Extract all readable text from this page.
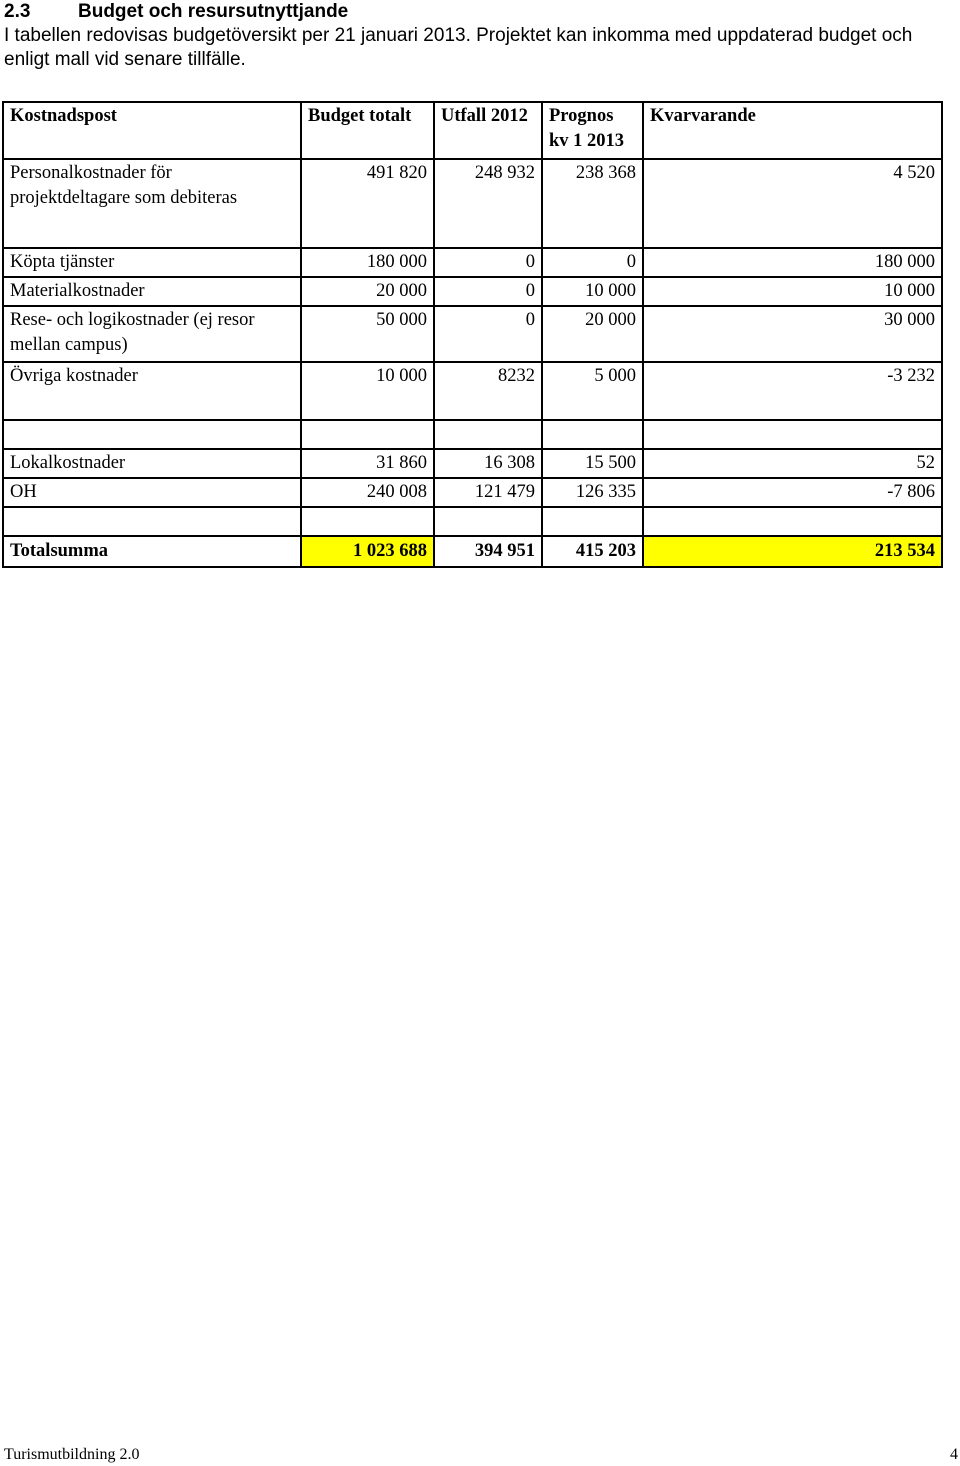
2.3	Budget och resursutnyttjande
I tabellen redovisas budgetöversikt per 21 januari 2013. Projektet kan inkomma med uppdaterad budget och enligt mall vid senare tillfälle.
Kostnadspost	Budget totalt	Utfall 2012	Prognos kv 1 2013	Kvarvarande
Personalkostnader för projektdeltagare som debiteras	491 820	248 932	238 368	4 520
Köpta tjänster	180 000	0	0	180 000
Materialkostnader	20 000	0	10 000	10 000
Rese- och logikostnader (ej resor mellan campus)	50 000	0	20 000	30 000
Övriga kostnader	10 000	8232	5 000	-3 232

Lokalkostnader	31 860	16 308	15 500	52
OH	240 008	121 479	126 335	-7 806

Totalsumma	1 023 688	394 951	415 203	213 534
Turismutbildning 2.0	4
